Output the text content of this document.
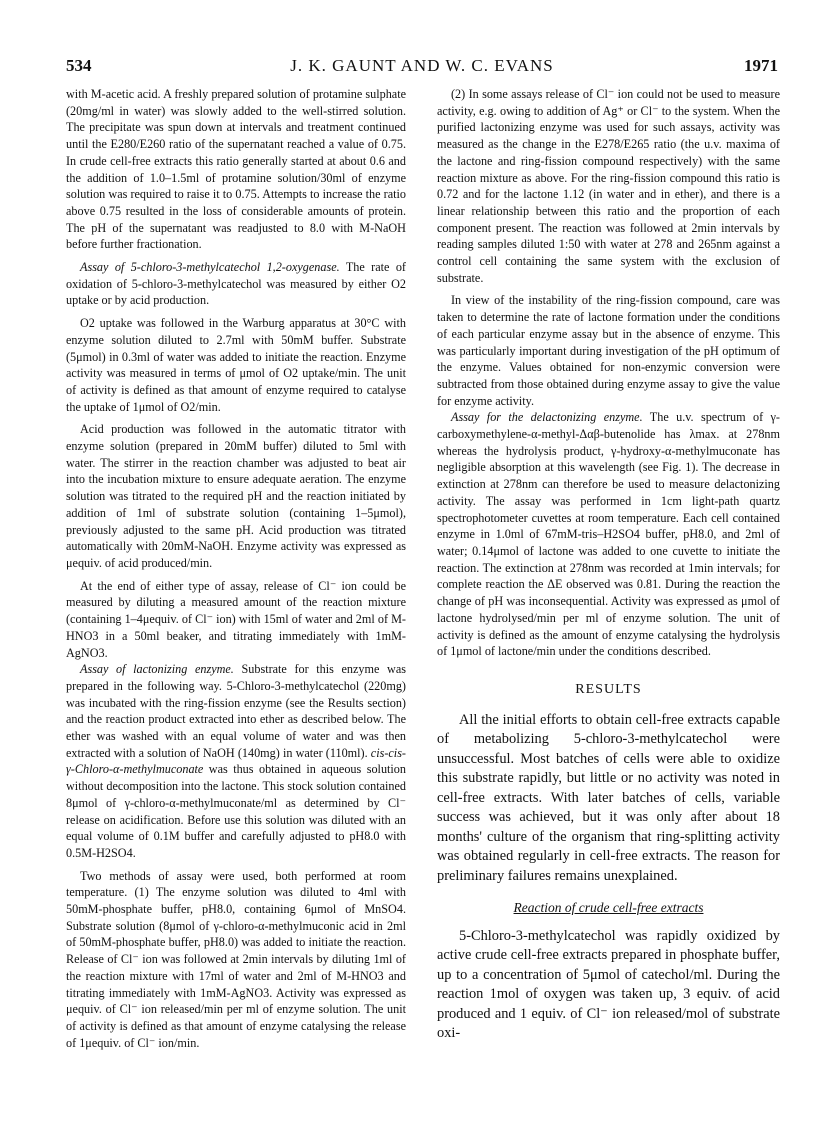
534	J. K. GAUNT AND W. C. EVANS	1971

with M-acetic acid. A freshly prepared solution of protamine sulphate (20mg/ml in water) was slowly added to the well-stirred solution. The precipitate was spun down at intervals and treatment continued until the E280/E260 ratio of the supernatant reached a value of 0.75. In crude cell-free extracts this ratio generally started at about 0.6 and the addition of 1.0–1.5ml of protamine solution/30ml of enzyme solution was required to raise it to 0.75. Attempts to increase the ratio above 0.75 resulted in the loss of considerable amounts of protein. The pH of the supernatant was readjusted to 8.0 with M-NaOH before further fractionation.

Assay of 5-chloro-3-methylcatechol 1,2-oxygenase. The rate of oxidation of 5-chloro-3-methylcatechol was measured by either O2 uptake or by acid production.

O2 uptake was followed in the Warburg apparatus at 30°C with enzyme solution diluted to 2.7ml with 50mM buffer. Substrate (5μmol) in 0.3ml of water was added to initiate the reaction. Enzyme activity was measured in terms of μmol of O2 uptake/min. The unit of activity is defined as that amount of enzyme required to catalyse the uptake of 1μmol of O2/min.

Acid production was followed in the automatic titrator with enzyme solution (prepared in 20mM buffer) diluted to 5ml with water. The stirrer in the reaction chamber was adjusted to beat air into the incubation mixture to ensure adequate aeration. The enzyme solution was titrated to the required pH and the reaction initiated by addition of 1ml of substrate solution (containing 1–5μmol), previously adjusted to the same pH. Acid production was titrated automatically with 20mM-NaOH. Enzyme activity was expressed as μequiv. of acid produced/min.

At the end of either type of assay, release of Cl⁻ ion could be measured by diluting a measured amount of the reaction mixture (containing 1–4μequiv. of Cl⁻ ion) with 15ml of water and 2ml of M-HNO3 in a 50ml beaker, and titrating immediately with 1mM-AgNO3.

Assay of lactonizing enzyme. Substrate for this enzyme was prepared in the following way. 5-Chloro-3-methylcatechol (220mg) was incubated with the ring-fission enzyme (see the Results section) and the reaction product extracted into ether as described below. The ether was washed with an equal volume of water and was then extracted with a solution of NaOH (140mg) in water (110ml). cis-cis-γ-Chloro-α-methylmuconate was thus obtained in aqueous solution without decomposition into the lactone. This stock solution contained 8μmol of γ-chloro-α-methylmuconate/ml as determined by Cl⁻ release on acidification. Before use this solution was diluted with an equal volume of 0.1M buffer and carefully adjusted to pH8.0 with 0.5M-H2SO4.

Two methods of assay were used, both performed at room temperature. (1) The enzyme solution was diluted to 4ml with 50mM-phosphate buffer, pH8.0, containing 6μmol of MnSO4. Substrate solution (8μmol of γ-chloro-α-methylmuconic acid in 2ml of 50mM-phosphate buffer, pH8.0) was added to initiate the reaction. Release of Cl⁻ ion was followed at 2min intervals by diluting 1ml of the reaction mixture with 17ml of water and 2ml of M-HNO3 and titrating immediately with 1mM-AgNO3. Activity was expressed as μequiv. of Cl⁻ ion released/min per ml of enzyme solution. The unit of activity is defined as that amount of enzyme catalysing the release of 1μequiv. of Cl⁻ ion/min.

(2) In some assays release of Cl⁻ ion could not be used to measure activity, e.g. owing to addition of Ag⁺ or Cl⁻ to the system. When the purified lactonizing enzyme was used for such assays, activity was measured as the change in the E278/E265 ratio (the u.v. maxima of the lactone and ring-fission compound respectively) with the same reaction mixture as above. For the ring-fission compound this ratio is 0.72 and for the lactone 1.12 (in water and in ether), and there is a linear relationship between this ratio and the proportion of each component present. The reaction was followed at 2min intervals by reading samples diluted 1:50 with water at 278 and 265nm against a control cell containing the same system with the exclusion of substrate.

In view of the instability of the ring-fission compound, care was taken to determine the rate of lactone formation under the conditions of each particular enzyme assay but in the absence of enzyme. This was particularly important during investigation of the pH optimum of the enzyme. Values obtained for non-enzymic conversion were subtracted from those obtained during enzyme assay to give the value for enzyme activity.

Assay for the delactonizing enzyme. The u.v. spectrum of γ-carboxymethylene-α-methyl-Δαβ-butenolide has λmax. at 278nm whereas the hydrolysis product, γ-hydroxy-α-methylmuconate has negligible absorption at this wavelength (see Fig. 1). The decrease in extinction at 278nm can therefore be used to measure delactonizing activity. The assay was performed in 1cm light-path quartz spectrophotometer cuvettes at room temperature. Each cell contained enzyme in 1.0ml of 67mM-tris–H2SO4 buffer, pH8.0, and 2ml of water; 0.14μmol of lactone was added to one cuvette to initiate the reaction. The extinction at 278nm was recorded at 1min intervals; for complete reaction the ΔE observed was 0.81. During the reaction the change of pH was inconsequential. Activity was expressed as μmol of lactone hydrolysed/min per ml of enzyme solution. The unit of activity is defined as the amount of enzyme catalysing the hydrolysis of 1μmol of lactone/min under the conditions described.

RESULTS

All the initial efforts to obtain cell-free extracts capable of metabolizing 5-chloro-3-methylcatechol were unsuccessful. Most batches of cells were able to oxidize this substrate rapidly, but little or no activity was noted in cell-free extracts. With later batches of cells, variable success was achieved, but it was only after about 18 months' culture of the organism that ring-splitting activity was obtained regularly in cell-free extracts. The reason for preliminary failures remains unexplained.

Reaction of crude cell-free extracts

5-Chloro-3-methylcatechol was rapidly oxidized by active crude cell-free extracts prepared in phosphate buffer, up to a concentration of 5μmol of catechol/ml. During the reaction 1mol of oxygen was taken up, 3 equiv. of acid produced and 1 equiv. of Cl⁻ ion released/mol of substrate oxi-
